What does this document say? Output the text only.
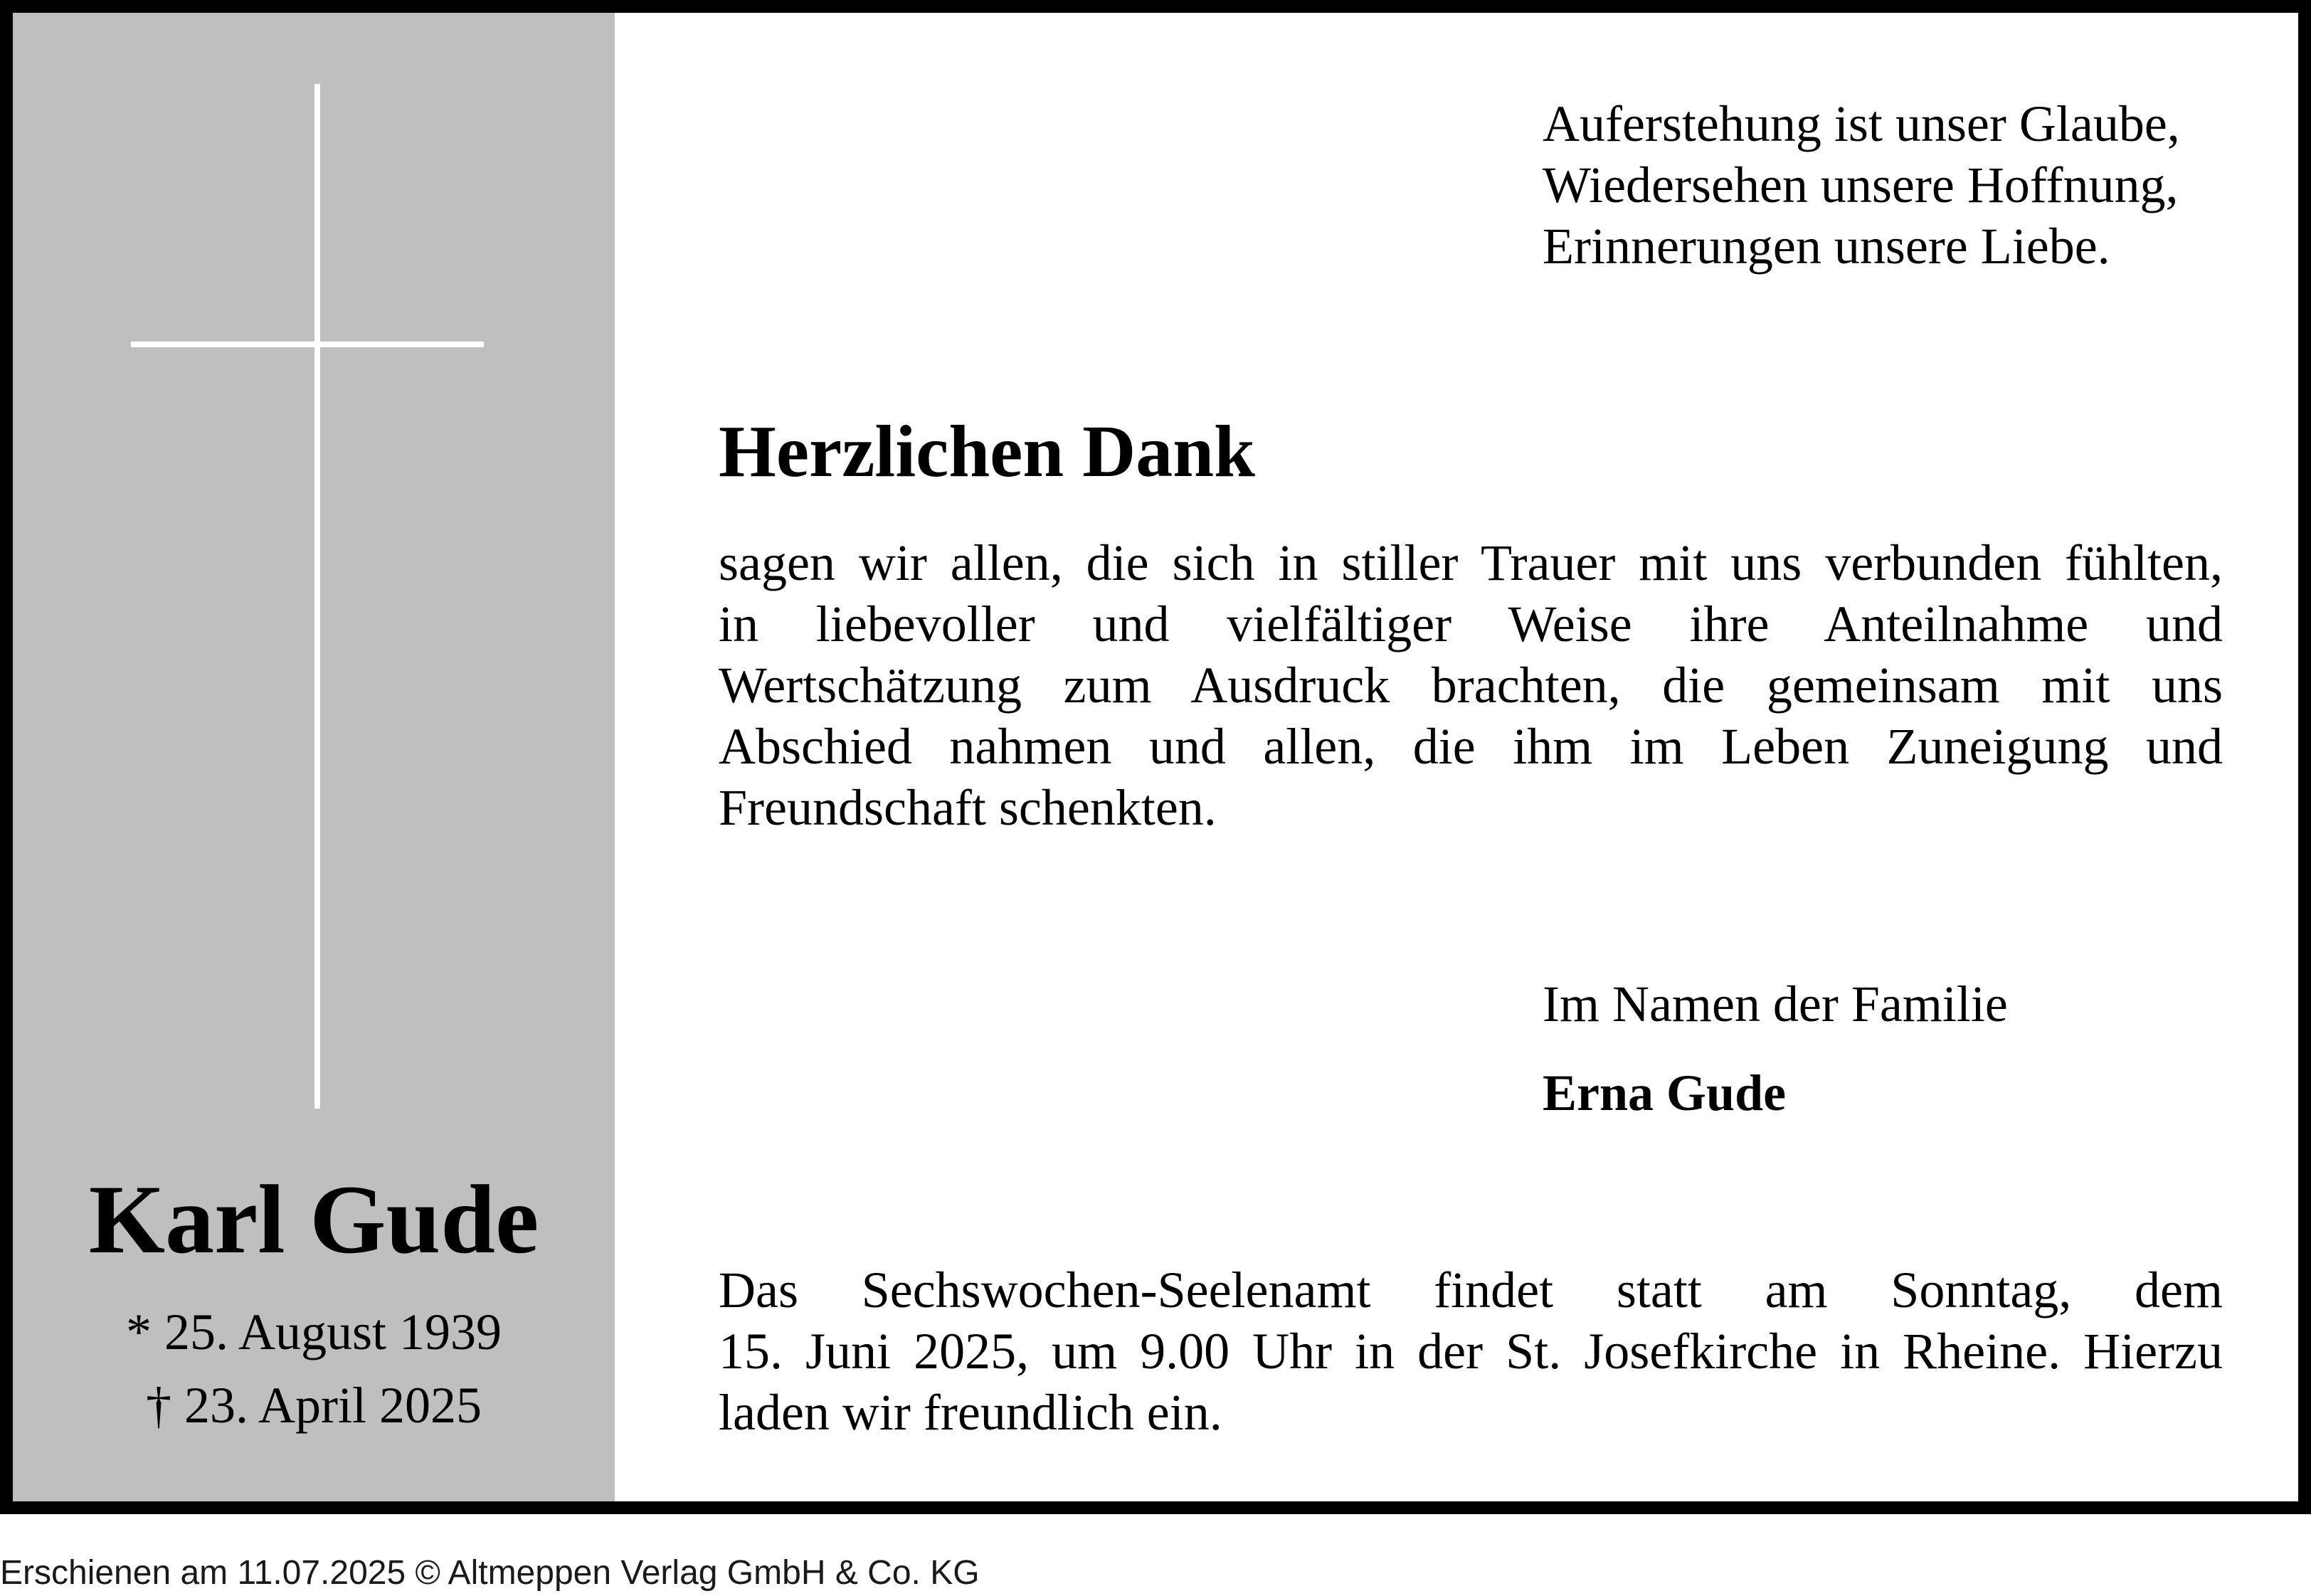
Karl Gude
* 25. August 1939
† 23. April 2025
Auferstehung ist unser Glaube,
Wiedersehen unsere Hoffnung,
Erinnerungen unsere Liebe.
Herzlichen Dank
sagen wir allen, die sich in stiller Trauer mit uns verbunden fühlten,
in liebevoller und vielfältiger Weise ihre Anteilnahme und
Wertschätzung zum Ausdruck brachten, die gemeinsam mit uns
Abschied nahmen und allen, die ihm im Leben Zuneigung und
Freundschaft schenkten.
Im Namen der Familie
Erna Gude
Das Sechswochen-Seelenamt findet statt am Sonntag, dem
15. Juni 2025, um 9.00 Uhr in der St. Josefkirche in Rheine. Hierzu
laden wir freundlich ein.
Erschienen am 11.07.2025 © Altmeppen Verlag GmbH & Co. KG
